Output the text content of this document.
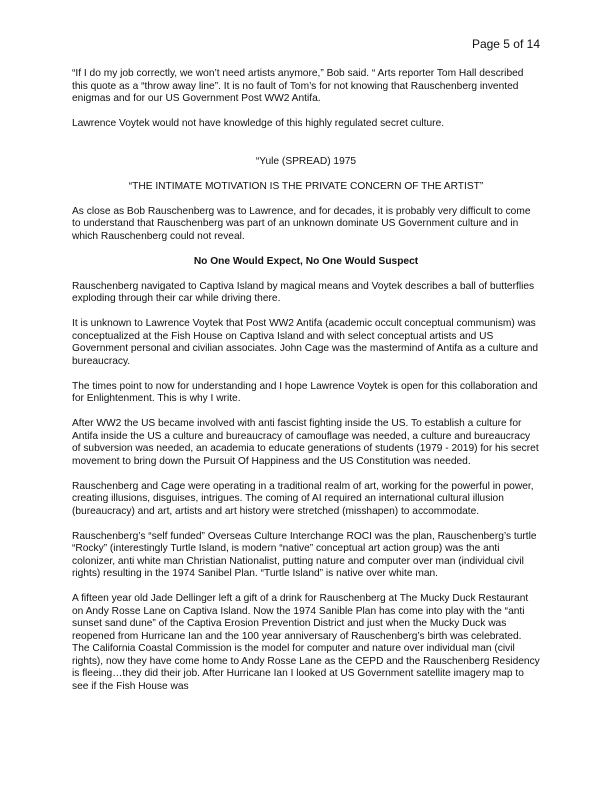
Page 5 of 14

“If I do my job correctly, we won’t need artists anymore,” Bob said. “ Arts reporter Tom Hall described this quote as a “throw away line”. It is no fault of Tom’s for not knowing that Rauschenberg invented enigmas and for our US Government Post WW2 Antifa.

Lawrence Voytek would not have knowledge of this highly regulated secret culture.

“Yule (SPREAD) 1975

“THE INTIMATE MOTIVATION IS THE PRIVATE CONCERN OF THE ARTIST”

As close as Bob Rauschenberg was to Lawrence, and for decades, it is probably very difficult to come to understand that Rauschenberg was part of an unknown dominate US Government culture and in which Rauschenberg could not reveal.

No One Would Expect, No One Would Suspect

Rauschenberg navigated to Captiva Island by magical means and Voytek describes a ball of butterflies exploding through their car while driving there.

It is unknown to Lawrence Voytek that Post WW2 Antifa (academic occult conceptual communism) was conceptualized at the Fish House on Captiva Island and with select conceptual artists and US Government personal and civilian associates. John Cage was the mastermind of Antifa as a culture and bureaucracy.

The times point to now for understanding and I hope Lawrence Voytek is open for this collaboration and for Enlightenment. This is why I write.

After WW2 the US became involved with anti fascist fighting inside the US. To establish a culture for Antifa inside the US a culture and bureaucracy of camouflage was needed, a culture and bureaucracy of subversion was needed, an academia to educate generations of students (1979 - 2019) for his secret movement to bring down the Pursuit Of Happiness and the US Constitution was needed.

Rauschenberg and Cage were operating in a traditional realm of art, working for the powerful in power, creating illusions, disguises, intrigues. The coming of AI required an international cultural illusion (bureaucracy) and art, artists and art history were stretched (misshapen) to accommodate.

Rauschenberg’s “self funded” Overseas Culture Interchange ROCI was the plan, Rauschenberg’s turtle “Rocky” (interestingly Turtle Island, is modern “native” conceptual art action group) was the anti colonizer, anti white man Christian Nationalist, putting nature and computer over man (individual civil rights) resulting in the 1974 Sanibel Plan. “Turtle Island” is native over white man.

A fifteen year old Jade Dellinger left a gift of a drink for Rauschenberg at The Mucky Duck Restaurant on Andy Rosse Lane on Captiva Island. Now the 1974 Sanible Plan has come into play with the “anti sunset sand dune” of the Captiva Erosion Prevention District and just when the Mucky Duck was reopened from Hurricane Ian and the 100 year anniversary of Rauschenberg’s birth was celebrated. The California Coastal Commission is the model for computer and nature over individual man (civil rights), now they have come home to Andy Rosse Lane as the CEPD and the Rauschenberg Residency is fleeing…they did their job. After Hurricane Ian I looked at US Government satellite imagery map to see if the Fish House was
